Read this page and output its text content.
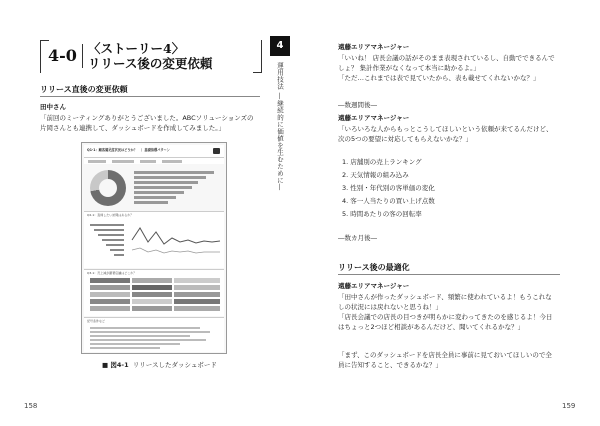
4-0 〈ストーリー4〉
リリース後の変更依頼
リリース直後の変更依頼
田中さん

「前回のミーティングありがとうございました。ABCソリューションズの
片岡さんとも連携して、ダッシュボードを作成してみました。」

Q1-1：顧客満足度状況はどうか？　｜ 基礎指標パターン
Q2-1：直帰したい訪問はあるか？
Q3-1：売上減が顕著店舗はどこか？
記号条件など
■ 図4-1 リリースしたダッシュボード
158
4
運用技法 ―継続的に価値を生むために―
遠藤エリアマネージャー

「いいね！ 店長会議の話がそのまま表現されているし、自動でできるんで
しょ？ 集計作業がなくなって本当に助かるよ。」
「ただ…これまでは表で見ていたから、表も載せてくれないかな？」

―数週間後―
遠藤エリアマネージャー

「いろいろな人からもっとこうしてほしいという依頼が来てるんだけど、
次の5つの要望に対応してもらえないかな？」

1. 店舗別の売上ランキング
2. 天気情報の組み込み
3. 性別・年代別の客単価の変化
4. 客一人当たりの買い上げ点数
5. 時間あたりの客の回転率
―数カ月後―
リリース後の最適化
遠藤エリアマネージャー

「田中さんが作ったダッシュボード、頻繁に使われているよ！もうこれな
しの状況には戻れないと思うね！」
「店長会議での店長の目つきが明らかに変わってきたのを感じるよ！今日
はちょっと2つほど相談があるんだけど、聞いてくれるかな？」

「まず、このダッシュボードを店長全員に事前に見ておいてほしいので全
員に告知すること、できるかな？」

159
